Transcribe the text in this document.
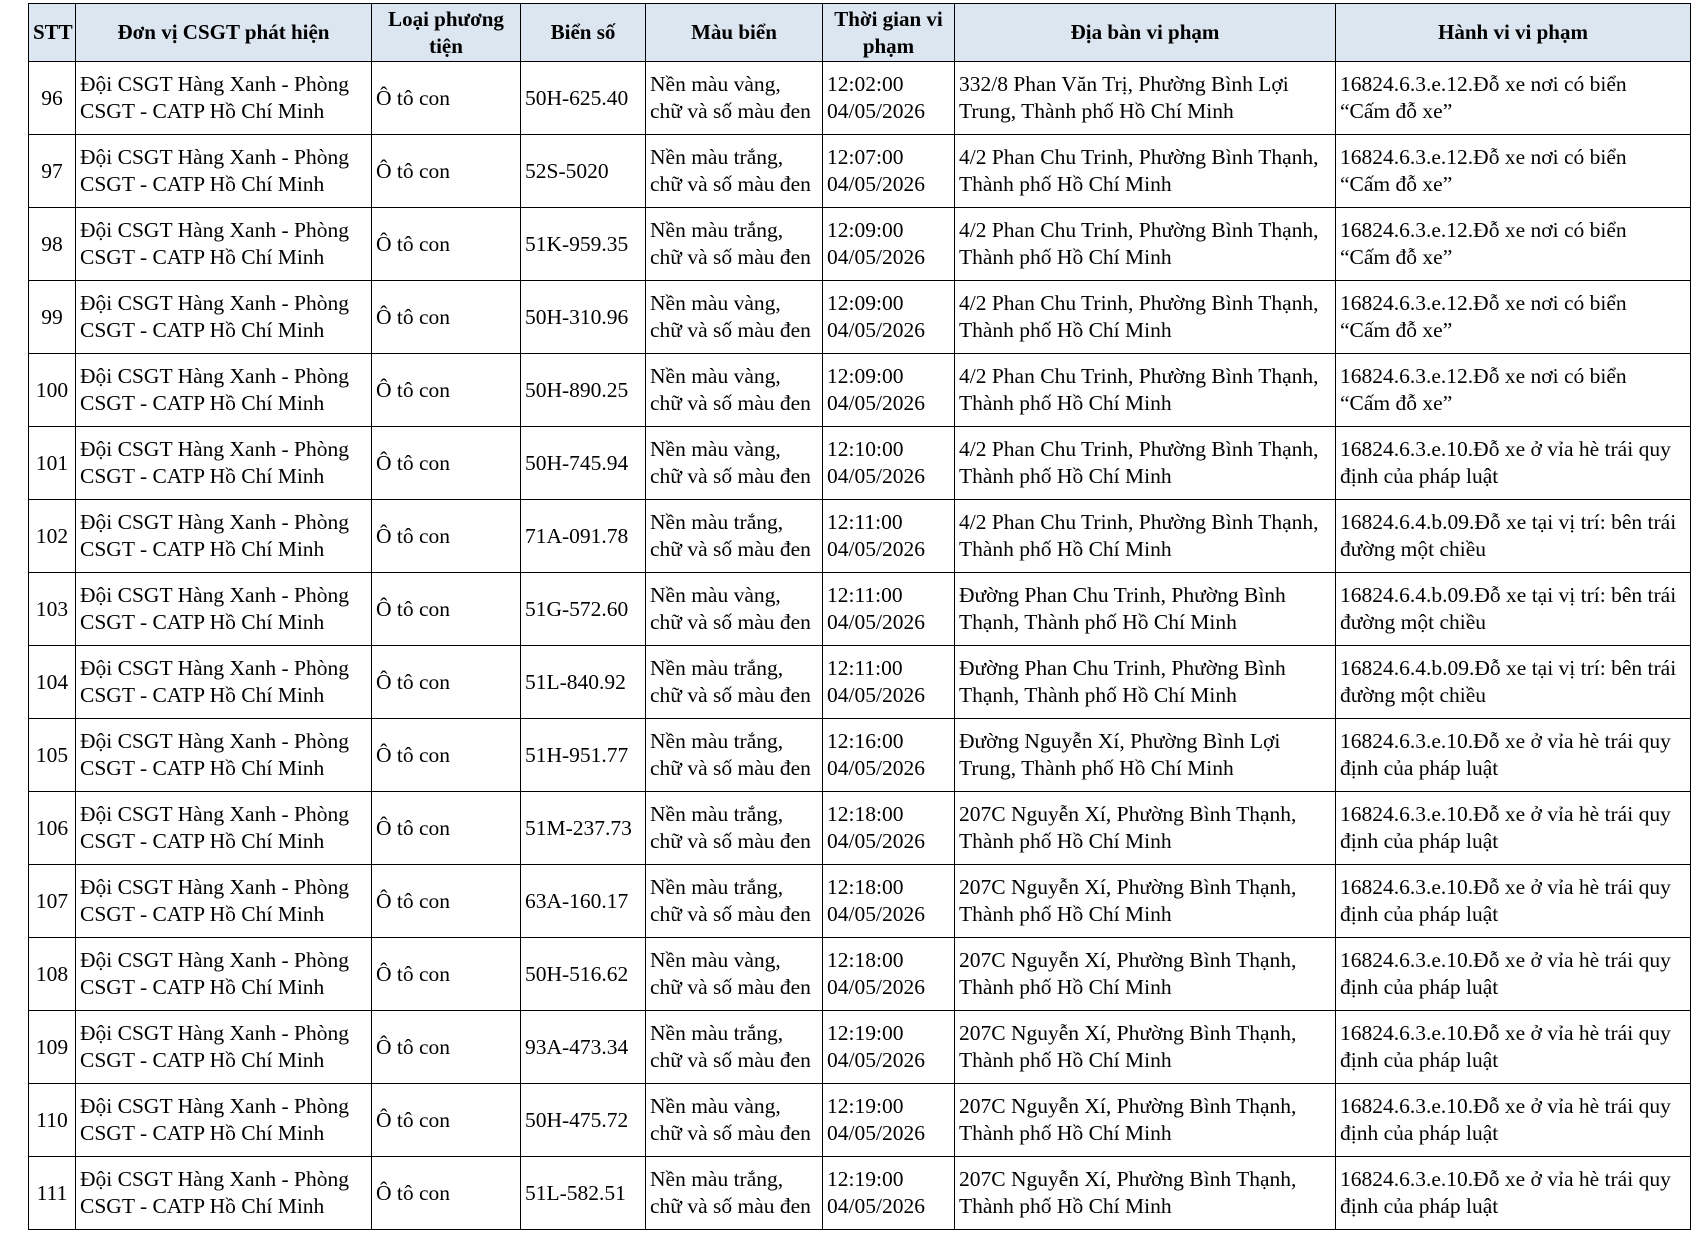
STT	Đơn vị CSGT phát hiện	Loại phương
tiện	Biển số	Màu biển	Thời gian vi
phạm	Địa bàn vi phạm	Hành vi vi phạm
96	Đội CSGT Hàng Xanh - Phòng
CSGT - CATP Hồ Chí Minh	Ô tô con	50H-625.40	Nền màu vàng,
chữ và số màu đen	12:02:00
04/05/2026	332/8 Phan Văn Trị, Phường Bình Lợi
Trung, Thành phố Hồ Chí Minh	16824.6.3.e.12.Đỗ xe nơi có biển
“Cấm đỗ xe”

97	Đội CSGT Hàng Xanh - Phòng
CSGT - CATP Hồ Chí Minh	Ô tô con	52S-5020	Nền màu trắng,
chữ và số màu đen	12:07:00
04/05/2026	4/2 Phan Chu Trinh, Phường Bình Thạnh,
Thành phố Hồ Chí Minh	16824.6.3.e.12.Đỗ xe nơi có biển
“Cấm đỗ xe”

98	Đội CSGT Hàng Xanh - Phòng
CSGT - CATP Hồ Chí Minh	Ô tô con	51K-959.35	Nền màu trắng,
chữ và số màu đen	12:09:00
04/05/2026	4/2 Phan Chu Trinh, Phường Bình Thạnh,
Thành phố Hồ Chí Minh	16824.6.3.e.12.Đỗ xe nơi có biển
“Cấm đỗ xe”

99	Đội CSGT Hàng Xanh - Phòng
CSGT - CATP Hồ Chí Minh	Ô tô con	50H-310.96	Nền màu vàng,
chữ và số màu đen	12:09:00
04/05/2026	4/2 Phan Chu Trinh, Phường Bình Thạnh,
Thành phố Hồ Chí Minh	16824.6.3.e.12.Đỗ xe nơi có biển
“Cấm đỗ xe”

100	Đội CSGT Hàng Xanh - Phòng
CSGT - CATP Hồ Chí Minh	Ô tô con	50H-890.25	Nền màu vàng,
chữ và số màu đen	12:09:00
04/05/2026	4/2 Phan Chu Trinh, Phường Bình Thạnh,
Thành phố Hồ Chí Minh	16824.6.3.e.12.Đỗ xe nơi có biển
“Cấm đỗ xe”

101	Đội CSGT Hàng Xanh - Phòng
CSGT - CATP Hồ Chí Minh	Ô tô con	50H-745.94	Nền màu vàng,
chữ và số màu đen	12:10:00
04/05/2026	4/2 Phan Chu Trinh, Phường Bình Thạnh,
Thành phố Hồ Chí Minh	16824.6.3.e.10.Đỗ xe ở vỉa hè trái quy
định của pháp luật

102	Đội CSGT Hàng Xanh - Phòng
CSGT - CATP Hồ Chí Minh	Ô tô con	71A-091.78	Nền màu trắng,
chữ và số màu đen	12:11:00
04/05/2026	4/2 Phan Chu Trinh, Phường Bình Thạnh,
Thành phố Hồ Chí Minh	16824.6.4.b.09.Đỗ xe tại vị trí: bên trái
đường một chiều

103	Đội CSGT Hàng Xanh - Phòng
CSGT - CATP Hồ Chí Minh	Ô tô con	51G-572.60	Nền màu vàng,
chữ và số màu đen	12:11:00
04/05/2026	Đường Phan Chu Trinh, Phường Bình
Thạnh, Thành phố Hồ Chí Minh	16824.6.4.b.09.Đỗ xe tại vị trí: bên trái
đường một chiều

104	Đội CSGT Hàng Xanh - Phòng
CSGT - CATP Hồ Chí Minh	Ô tô con	51L-840.92	Nền màu trắng,
chữ và số màu đen	12:11:00
04/05/2026	Đường Phan Chu Trinh, Phường Bình
Thạnh, Thành phố Hồ Chí Minh	16824.6.4.b.09.Đỗ xe tại vị trí: bên trái
đường một chiều

105	Đội CSGT Hàng Xanh - Phòng
CSGT - CATP Hồ Chí Minh	Ô tô con	51H-951.77	Nền màu trắng,
chữ và số màu đen	12:16:00
04/05/2026	Đường Nguyễn Xí, Phường Bình Lợi
Trung, Thành phố Hồ Chí Minh	16824.6.3.e.10.Đỗ xe ở vỉa hè trái quy
định của pháp luật

106	Đội CSGT Hàng Xanh - Phòng
CSGT - CATP Hồ Chí Minh	Ô tô con	51M-237.73	Nền màu trắng,
chữ và số màu đen	12:18:00
04/05/2026	207C Nguyễn Xí, Phường Bình Thạnh,
Thành phố Hồ Chí Minh	16824.6.3.e.10.Đỗ xe ở vỉa hè trái quy
định của pháp luật

107	Đội CSGT Hàng Xanh - Phòng
CSGT - CATP Hồ Chí Minh	Ô tô con	63A-160.17	Nền màu trắng,
chữ và số màu đen	12:18:00
04/05/2026	207C Nguyễn Xí, Phường Bình Thạnh,
Thành phố Hồ Chí Minh	16824.6.3.e.10.Đỗ xe ở vỉa hè trái quy
định của pháp luật

108	Đội CSGT Hàng Xanh - Phòng
CSGT - CATP Hồ Chí Minh	Ô tô con	50H-516.62	Nền màu vàng,
chữ và số màu đen	12:18:00
04/05/2026	207C Nguyễn Xí, Phường Bình Thạnh,
Thành phố Hồ Chí Minh	16824.6.3.e.10.Đỗ xe ở vỉa hè trái quy
định của pháp luật

109	Đội CSGT Hàng Xanh - Phòng
CSGT - CATP Hồ Chí Minh	Ô tô con	93A-473.34	Nền màu trắng,
chữ và số màu đen	12:19:00
04/05/2026	207C Nguyễn Xí, Phường Bình Thạnh,
Thành phố Hồ Chí Minh	16824.6.3.e.10.Đỗ xe ở vỉa hè trái quy
định của pháp luật

110	Đội CSGT Hàng Xanh - Phòng
CSGT - CATP Hồ Chí Minh	Ô tô con	50H-475.72	Nền màu vàng,
chữ và số màu đen	12:19:00
04/05/2026	207C Nguyễn Xí, Phường Bình Thạnh,
Thành phố Hồ Chí Minh	16824.6.3.e.10.Đỗ xe ở vỉa hè trái quy
định của pháp luật

111	Đội CSGT Hàng Xanh - Phòng
CSGT - CATP Hồ Chí Minh	Ô tô con	51L-582.51	Nền màu trắng,
chữ và số màu đen	12:19:00
04/05/2026	207C Nguyễn Xí, Phường Bình Thạnh,
Thành phố Hồ Chí Minh	16824.6.3.e.10.Đỗ xe ở vỉa hè trái quy
định của pháp luật
